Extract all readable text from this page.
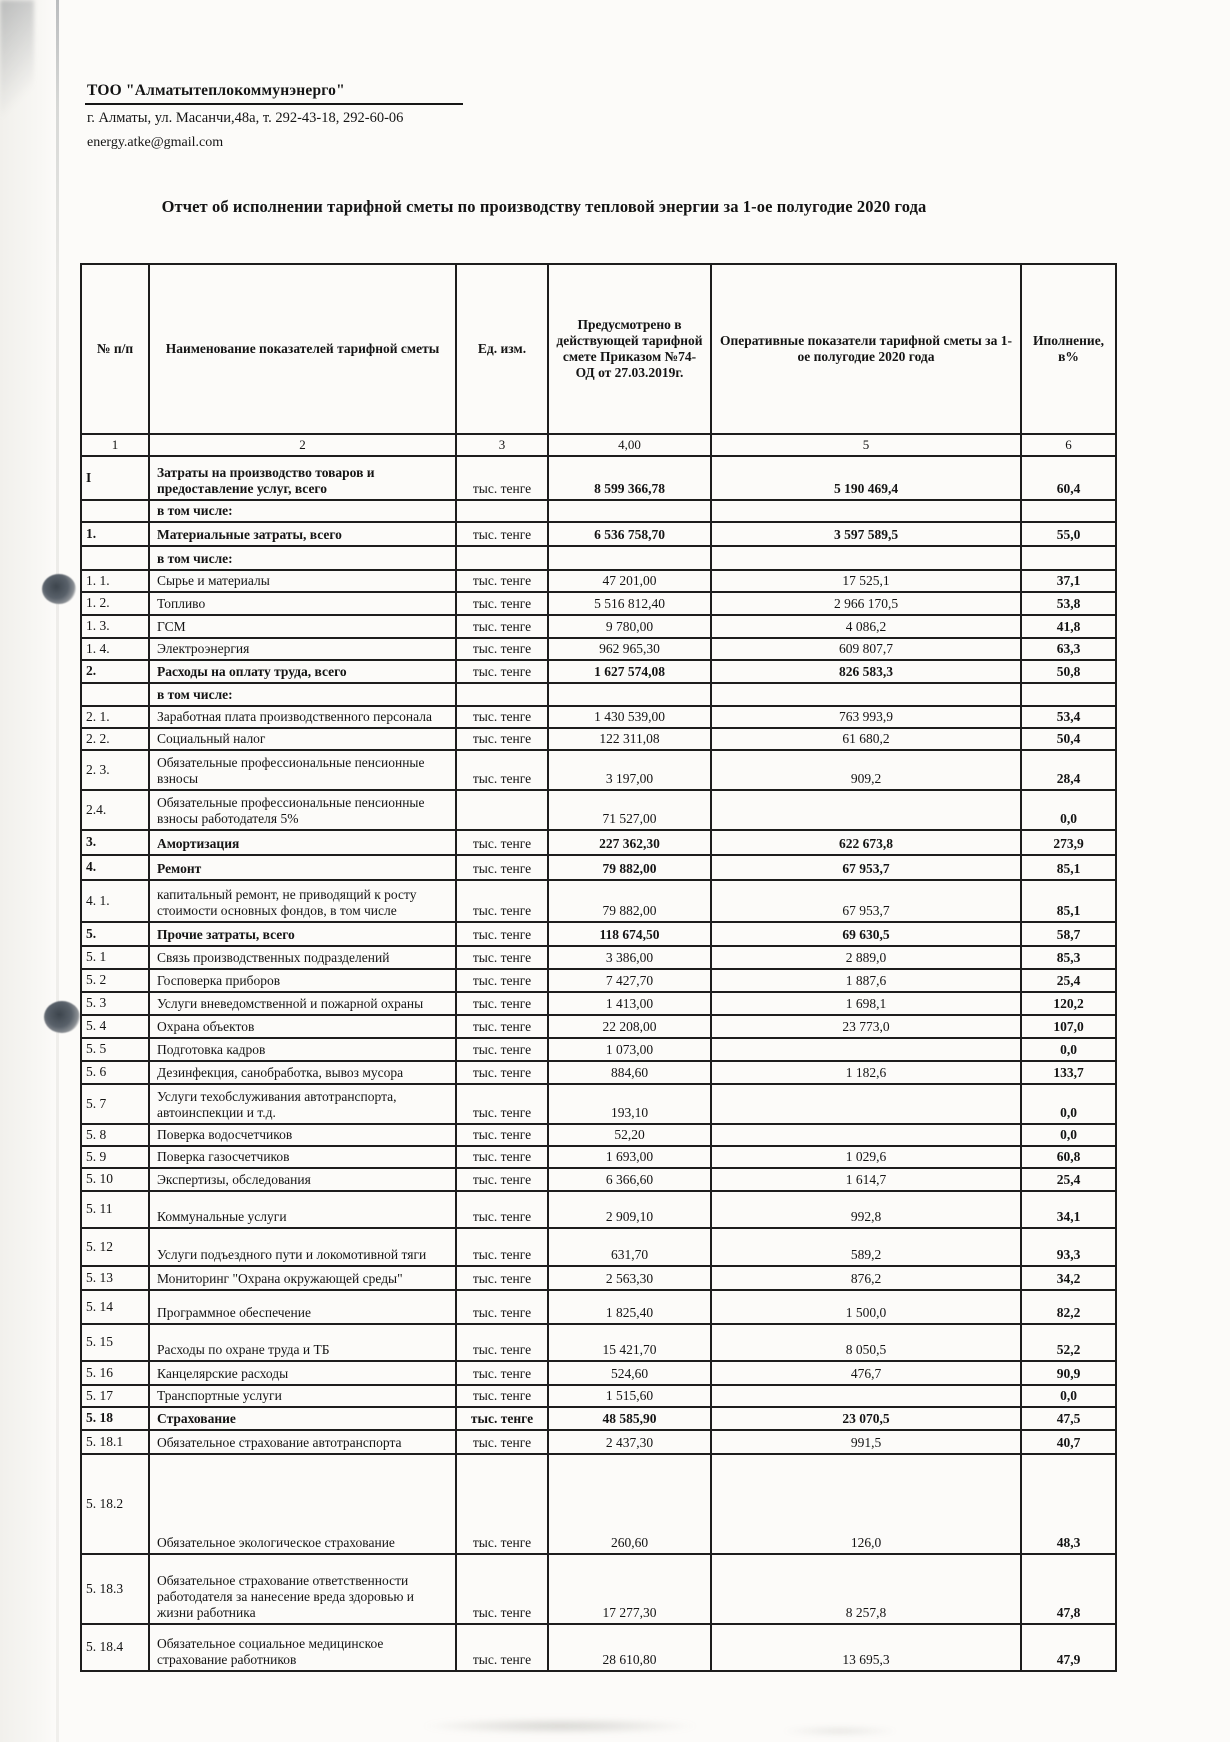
ТОО "Алматытеплокоммунэнерго"
г. Алматы, ул. Масанчи,48а, т. 292-43-18, 292-60-06
energy.atke@gmail.com
Отчет об исполнении тарифной сметы по производству тепловой энергии за 1-ое полугодие 2020 года
№ п/п	Наименование показателей тарифной сметы	Ед. изм.	Предусмотрено в действующей тарифной смете Приказом №74-ОД от 27.03.2019г.	Оперативные показатели тарифной сметы за 1-ое полугодие 2020 года	Иполнение, в%
1	2	3	4,00	5	6
I	Затраты на производство товаров и предоставление услуг, всего	тыс. тенге	8 599 366,78	5 190 469,4	60,4
	в том числе:				
1.	Материальные затраты, всего	тыс. тенге	6 536 758,70	3 597 589,5	55,0
	в том числе:				
1. 1.	Сырье и материалы	тыс. тенге	47 201,00	17 525,1	37,1
1. 2.	Топливо	тыс. тенге	5 516 812,40	2 966 170,5	53,8
1. 3.	ГСМ	тыс. тенге	9 780,00	4 086,2	41,8
1. 4.	Электроэнергия	тыс. тенге	962 965,30	609 807,7	63,3
2.	Расходы на оплату труда, всего	тыс. тенге	1 627 574,08	826 583,3	50,8
	в том числе:				
2. 1.	Заработная плата производственного персонала	тыс. тенге	1 430 539,00	763 993,9	53,4
2. 2.	Социальный налог	тыс. тенге	122 311,08	61 680,2	50,4
2. 3.	Обязательные профессиональные пенсионные взносы	тыс. тенге	3 197,00	909,2	28,4
2.4.	Обязательные профессиональные пенсионные взносы работодателя 5%		71 527,00		0,0
3.	Амортизация	тыс. тенге	227 362,30	622 673,8	273,9
4.	Ремонт	тыс. тенге	79 882,00	67 953,7	85,1
4. 1.	капитальный ремонт, не приводящий к росту стоимости основных фондов, в том числе	тыс. тенге	79 882,00	67 953,7	85,1
5.	Прочие затраты, всего	тыс. тенге	118 674,50	69 630,5	58,7
5. 1	Связь производственных подразделений	тыс. тенге	3 386,00	2 889,0	85,3
5. 2	Госповерка приборов	тыс. тенге	7 427,70	1 887,6	25,4
5. 3	Услуги вневедомственной и пожарной охраны	тыс. тенге	1 413,00	1 698,1	120,2
5. 4	Охрана объектов	тыс. тенге	22 208,00	23 773,0	107,0
5. 5	Подготовка кадров	тыс. тенге	1 073,00		0,0
5. 6	Дезинфекция, санобработка, вывоз мусора	тыс. тенге	884,60	1 182,6	133,7
5. 7	Услуги техобслуживания автотранспорта, автоинспекции и т.д.	тыс. тенге	193,10		0,0
5. 8	Поверка водосчетчиков	тыс. тенге	52,20		0,0
5. 9	Поверка газосчетчиков	тыс. тенге	1 693,00	1 029,6	60,8
5. 10	Экспертизы, обследования	тыс. тенге	6 366,60	1 614,7	25,4
5. 11	Коммунальные услуги	тыс. тенге	2 909,10	992,8	34,1
5. 12	Услуги подъездного пути и локомотивной тяги	тыс. тенге	631,70	589,2	93,3
5. 13	Мониторинг "Охрана окружающей среды"	тыс. тенге	2 563,30	876,2	34,2
5. 14	Программное обеспечение	тыс. тенге	1 825,40	1 500,0	82,2
5. 15	Расходы по охране труда и ТБ	тыс. тенге	15 421,70	8 050,5	52,2
5. 16	Канцелярские расходы	тыс. тенге	524,60	476,7	90,9
5. 17	Транспортные услуги	тыс. тенге	1 515,60		0,0
5. 18	Страхование	тыс. тенге	48 585,90	23 070,5	47,5
5. 18.1	Обязательное страхование автотранспорта	тыс. тенге	2 437,30	991,5	40,7
5. 18.2	Обязательное экологическое страхование	тыс. тенге	260,60	126,0	48,3
5. 18.3	Обязательное страхование ответственности работодателя за нанесение вреда здоровью и жизни работника	тыс. тенге	17 277,30	8 257,8	47,8
5. 18.4	Обязательное социальное медицинское страхование работников	тыс. тенге	28 610,80	13 695,3	47,9
